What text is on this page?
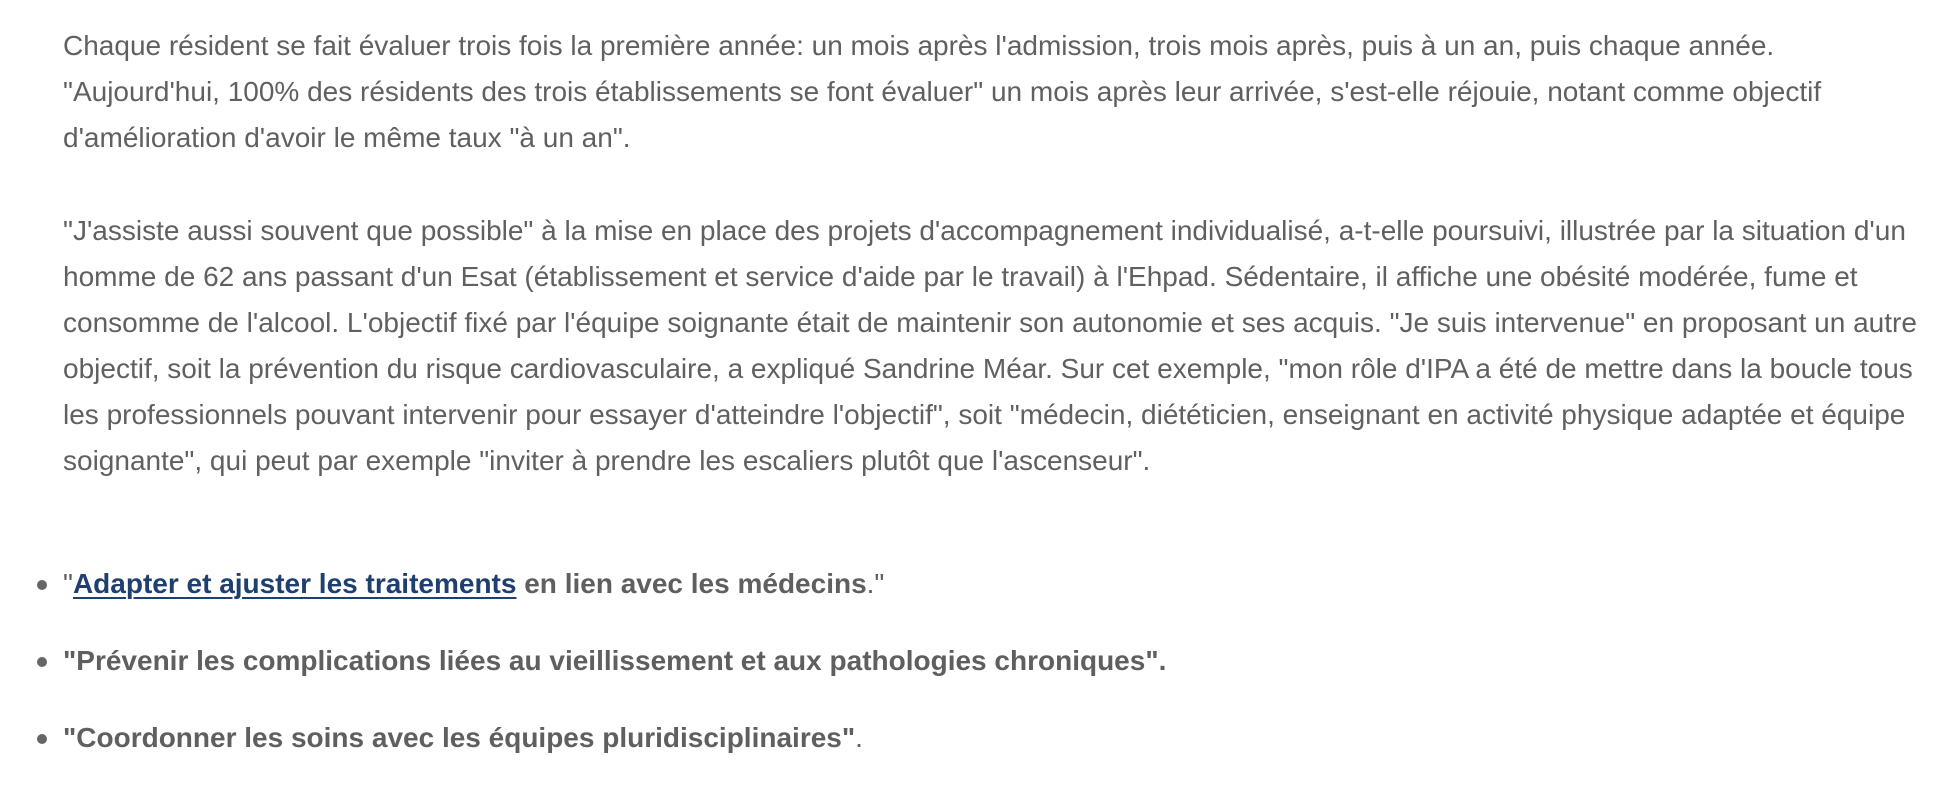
Chaque résident se fait évaluer trois fois la première année: un mois après l'admission, trois mois après, puis à un an, puis chaque année. "Aujourd'hui, 100% des résidents des trois établissements se font évaluer" un mois après leur arrivée, s'est-elle réjouie, notant comme objectif d'amélioration d'avoir le même taux "à un an".

"J'assiste aussi souvent que possible" à la mise en place des projets d'accompagnement individualisé, a-t-elle poursuivi, illustrée par la situation d'un homme de 62 ans passant d'un Esat (établissement et service d'aide par le travail) à l'Ehpad. Sédentaire, il affiche une obésité modérée, fume et consomme de l'alcool. L'objectif fixé par l'équipe soignante était de maintenir son autonomie et ses acquis. "Je suis intervenue" en proposant un autre objectif, soit la prévention du risque cardiovasculaire, a expliqué Sandrine Méar. Sur cet exemple, "mon rôle d'IPA a été de mettre dans la boucle tous les professionnels pouvant intervenir pour essayer d'atteindre l'objectif", soit "médecin, diététicien, enseignant en activité physique adaptée et équipe soignante", qui peut par exemple "inviter à prendre les escaliers plutôt que l'ascenseur".

"Adapter et ajuster les traitements en lien avec les médecins."
"Prévenir les complications liées au vieillissement et aux pathologies chroniques".
"Coordonner les soins avec les équipes pluridisciplinaires".
